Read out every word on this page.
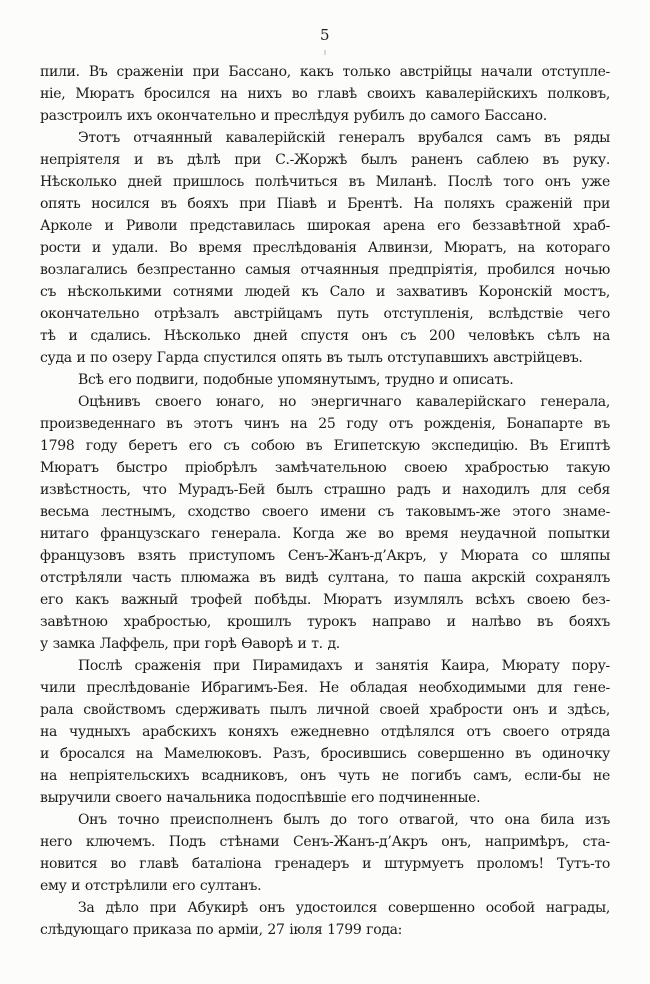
5
пили. Въ сраженіи при Бассано, какъ только австрійцы начали отступле-
ніе, Мюратъ бросился на нихъ во главѣ своихъ кавалерійскихъ полковъ,
разстроилъ ихъ окончательно и преслѣдуя рубилъ до самого Бассано.
Этотъ отчаянный кавалерійскій генералъ врубался самъ въ ряды
непріятеля и въ дѣлѣ при С.-Жоржѣ былъ раненъ саблею въ руку.
Нѣсколько дней пришлось полѣчиться въ Миланѣ. Послѣ того онъ уже
опять носился въ бояхъ при Піавѣ и Брентѣ. На поляхъ сраженій при
Арколе и Риволи представилась широкая арена его беззавѣтной храб-
рости и удали. Во время преслѣдованія Алвинзи, Мюратъ, на котораго
возлагались безпрестанно самыя отчаянныя предпріятія, пробился ночью
съ нѣсколькими сотнями людей къ Сало и захвативъ Коронскій мостъ,
окончательно отрѣзалъ австрійцамъ путь отступленія, вслѣдствіе чего
тѣ и сдались. Нѣсколько дней спустя онъ съ 200 человѣкъ сѣлъ на
суда и по озеру Гарда спустился опять въ тылъ отступавшихъ австрійцевъ.
Всѣ его подвиги, подобные упомянутымъ, трудно и описать.
Оцѣнивъ своего юнаго, но энергичнаго кавалерійскаго генерала,
произведеннаго въ этотъ чинъ на 25 году отъ рожденія, Бонапарте въ
1798 году беретъ его съ собою въ Египетскую экспедицію. Въ Египтѣ
Мюратъ быстро пріобрѣлъ замѣчательною своею храбростью такую
извѣстность, что Мурадъ-Бей былъ страшно радъ и находилъ для себя
весьма лестнымъ, сходство своего имени съ таковымъ-же этого знаме-
нитаго французскаго генерала. Когда же во время неудачной попытки
французовъ взять приступомъ Сенъ-Жанъ-д’Акръ, у Мюрата со шляпы
отстрѣляли часть плюмажа въ видѣ султана, то паша акрскій сохранялъ
его какъ важный трофей побѣды. Мюратъ изумлялъ всѣхъ своею без-
завѣтною храбростью, крошилъ турокъ направо и налѣво въ бояхъ
у замка Лаффель, при горѣ Ѳаворѣ и т. д.
Послѣ сраженія при Пирамидахъ и занятія Каира, Мюрату пору-
чили преслѣдованіе Ибрагимъ-Бея. Не обладая необходимыми для гене-
рала свойствомъ сдерживать пылъ личной своей храбрости онъ и здѣсь,
на чудныхъ арабскихъ коняхъ ежедневно отдѣлялся отъ своего отряда
и бросался на Мамелюковъ. Разъ, бросившись совершенно въ одиночку
на непріятельскихъ всадниковъ, онъ чуть не погибъ самъ, если-бы не
выручили своего начальника подоспѣвшіе его подчиненные.
Онъ точно преисполненъ былъ до того отвагой, что она била изъ
него ключемъ. Подъ стѣнами Сенъ-Жанъ-д’Акръ онъ, напримѣръ, ста-
новится во главѣ баталіона гренадеръ и штурмуетъ проломъ! Тутъ-то
ему и отстрѣлили его султанъ.
За дѣло при Абукирѣ онъ удостоился совершенно особой награды,
слѣдующаго приказа по арміи, 27 іюля 1799 года:
